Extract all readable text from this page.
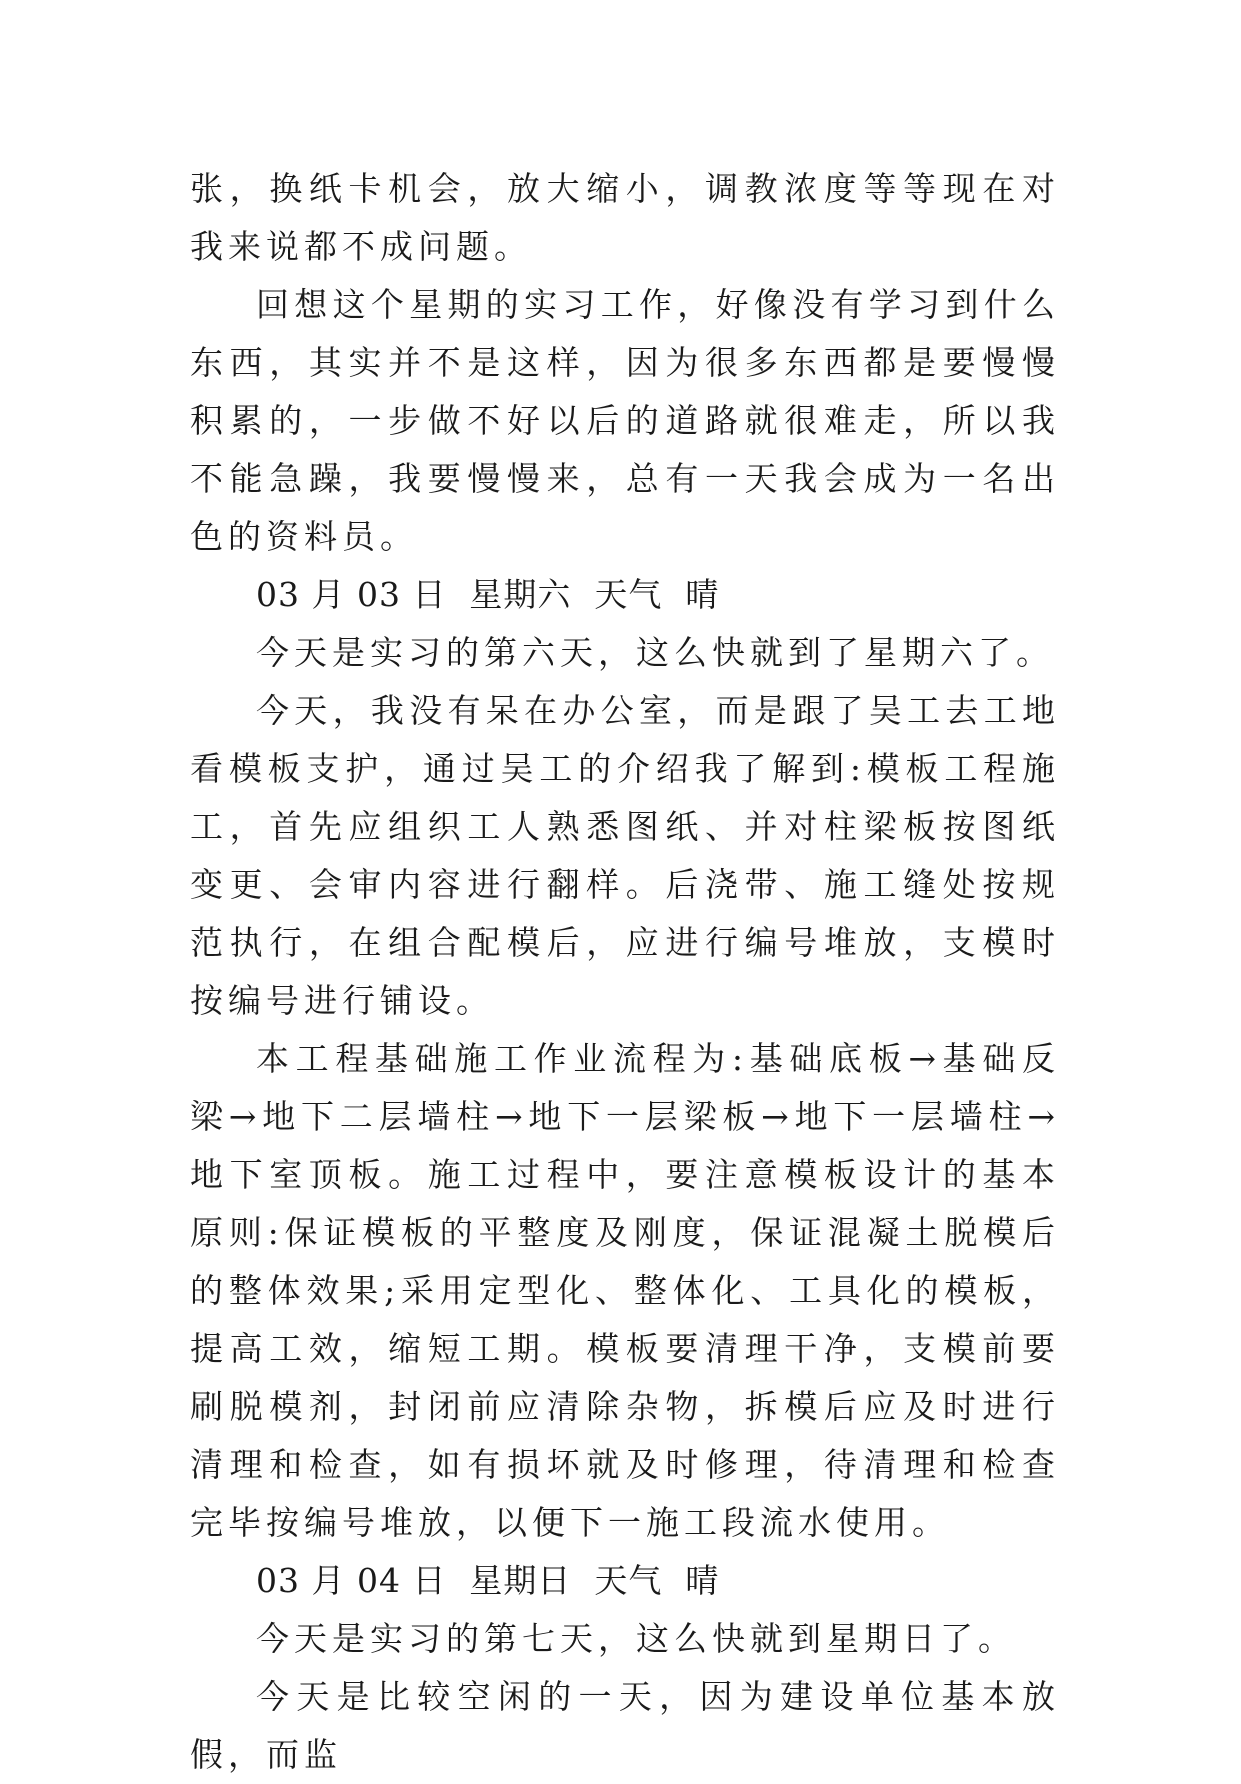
张，换纸卡机会，放大缩小，调教浓度等等现在对我来说都不成问题。

回想这个星期的实习工作，好像没有学习到什么东西，其实并不是这样，因为很多东西都是要慢慢积累的，一步做不好以后的道路就很难走，所以我不能急躁，我要慢慢来，总有一天我会成为一名出色的资料员。

03 月 03 日  星期六  天气  晴

今天是实习的第六天，这么快就到了星期六了。

今天，我没有呆在办公室，而是跟了吴工去工地看模板支护，通过吴工的介绍我了解到:模板工程施工，首先应组织工人熟悉图纸、并对柱梁板按图纸变更、会审内容进行翻样。后浇带、施工缝处按规范执行，在组合配模后，应进行编号堆放，支模时按编号进行铺设。

本工程基础施工作业流程为:基础底板→基础反梁→地下二层墙柱→地下一层梁板→地下一层墙柱→地下室顶板。施工过程中，要注意模板设计的基本原则:保证模板的平整度及刚度，保证混凝土脱模后的整体效果;采用定型化、整体化、工具化的模板，提高工效，缩短工期。模板要清理干净，支模前要刷脱模剂，封闭前应清除杂物，拆模后应及时进行清理和检查，如有损坏就及时修理，待清理和检查完毕按编号堆放，以便下一施工段流水使用。

03 月 04 日  星期日  天气  晴

今天是实习的第七天，这么快就到星期日了。

今天是比较空闲的一天，因为建设单位基本放假，而监
